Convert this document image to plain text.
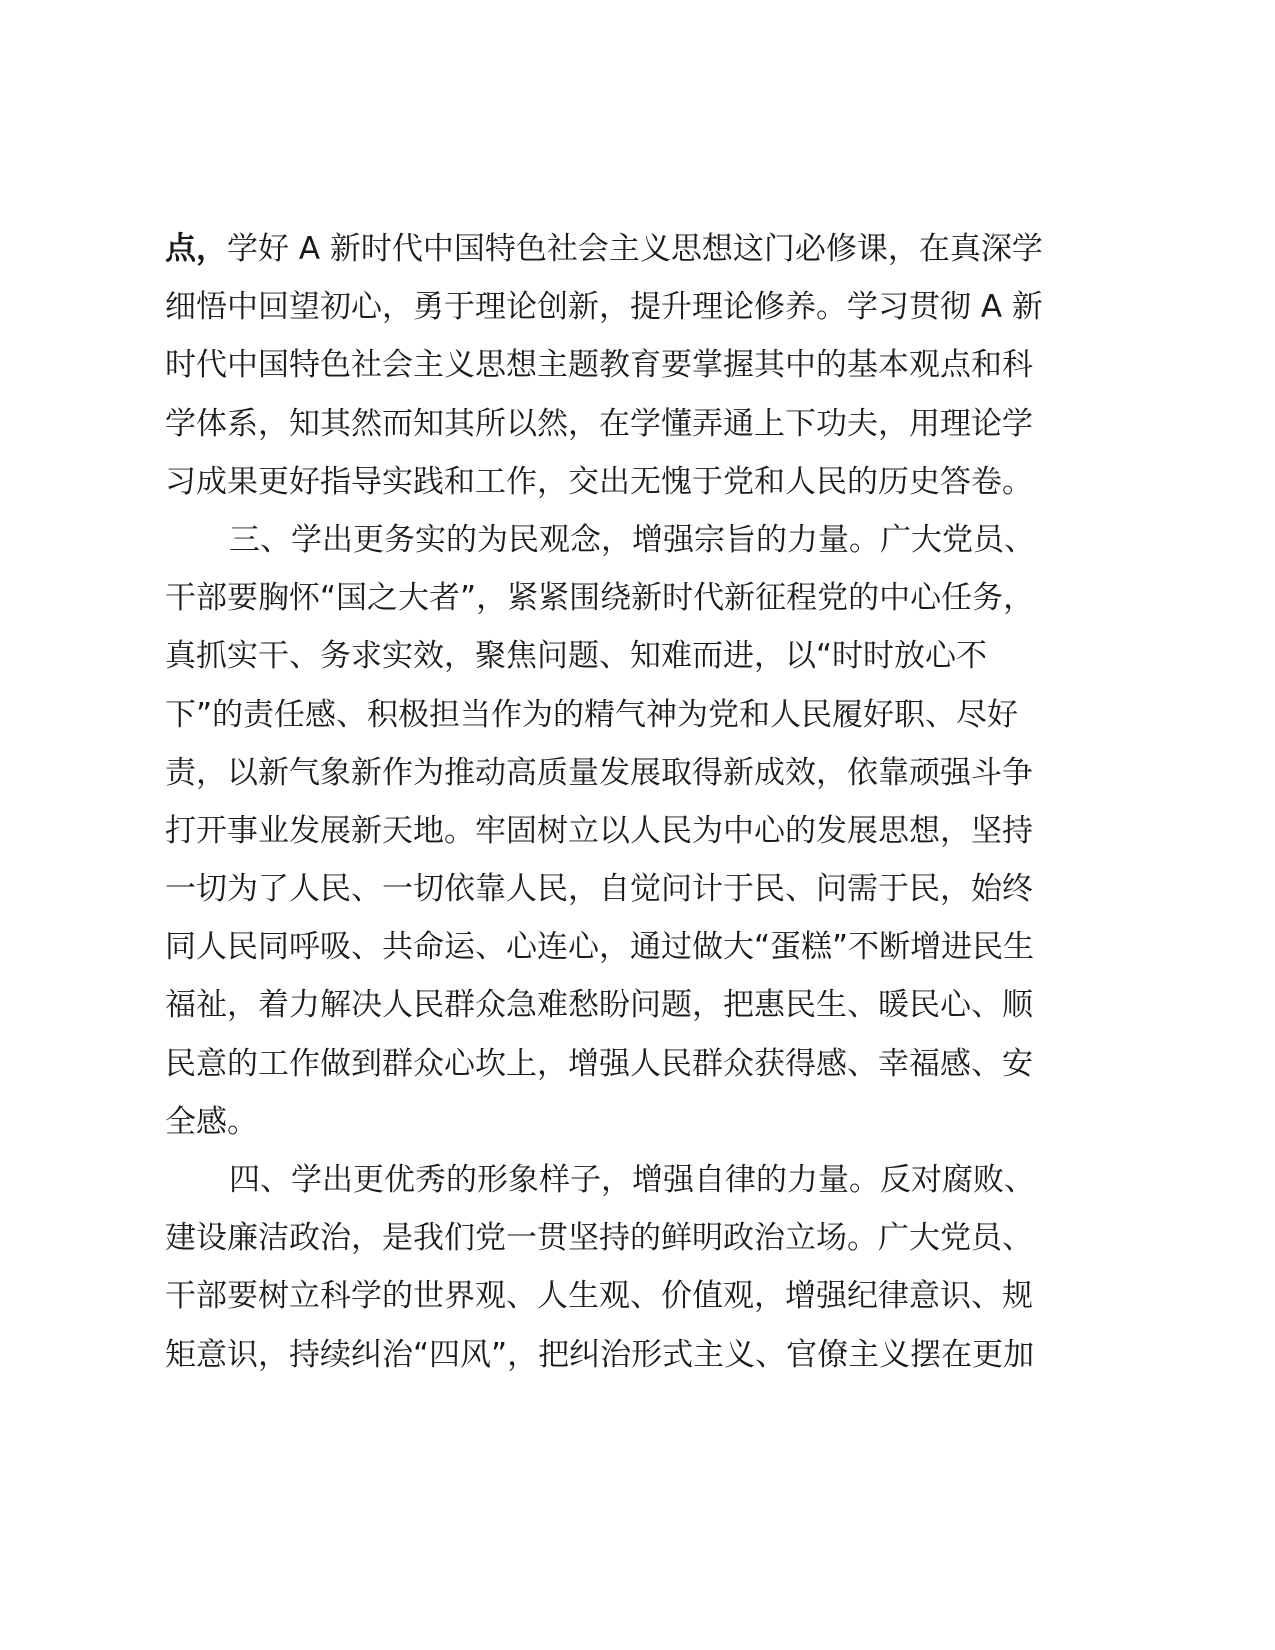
点，学好 A 新时代中国特色社会主义思想这门必修课，在真深学
细悟中回望初心，勇于理论创新，提升理论修养。学习贯彻 A 新
时代中国特色社会主义思想主题教育要掌握其中的基本观点和科
学体系，知其然而知其所以然，在学懂弄通上下功夫，用理论学
习成果更好指导实践和工作，交出无愧于党和人民的历史答卷。
三、学出更务实的为民观念，增强宗旨的力量。广大党员、
干部要胸怀“国之大者”，紧紧围绕新时代新征程党的中心任务，
真抓实干、务求实效，聚焦问题、知难而进，以“时时放心不
下”的责任感、积极担当作为的精气神为党和人民履好职、尽好
责，以新气象新作为推动高质量发展取得新成效，依靠顽强斗争
打开事业发展新天地。牢固树立以人民为中心的发展思想，坚持
一切为了人民、一切依靠人民，自觉问计于民、问需于民，始终
同人民同呼吸、共命运、心连心，通过做大“蛋糕”不断增进民生
福祉，着力解决人民群众急难愁盼问题，把惠民生、暖民心、顺
民意的工作做到群众心坎上，增强人民群众获得感、幸福感、安
全感。
四、学出更优秀的形象样子，增强自律的力量。反对腐败、
建设廉洁政治，是我们党一贯坚持的鲜明政治立场。广大党员、
干部要树立科学的世界观、人生观、价值观，增强纪律意识、规
矩意识，持续纠治“四风”，把纠治形式主义、官僚主义摆在更加
